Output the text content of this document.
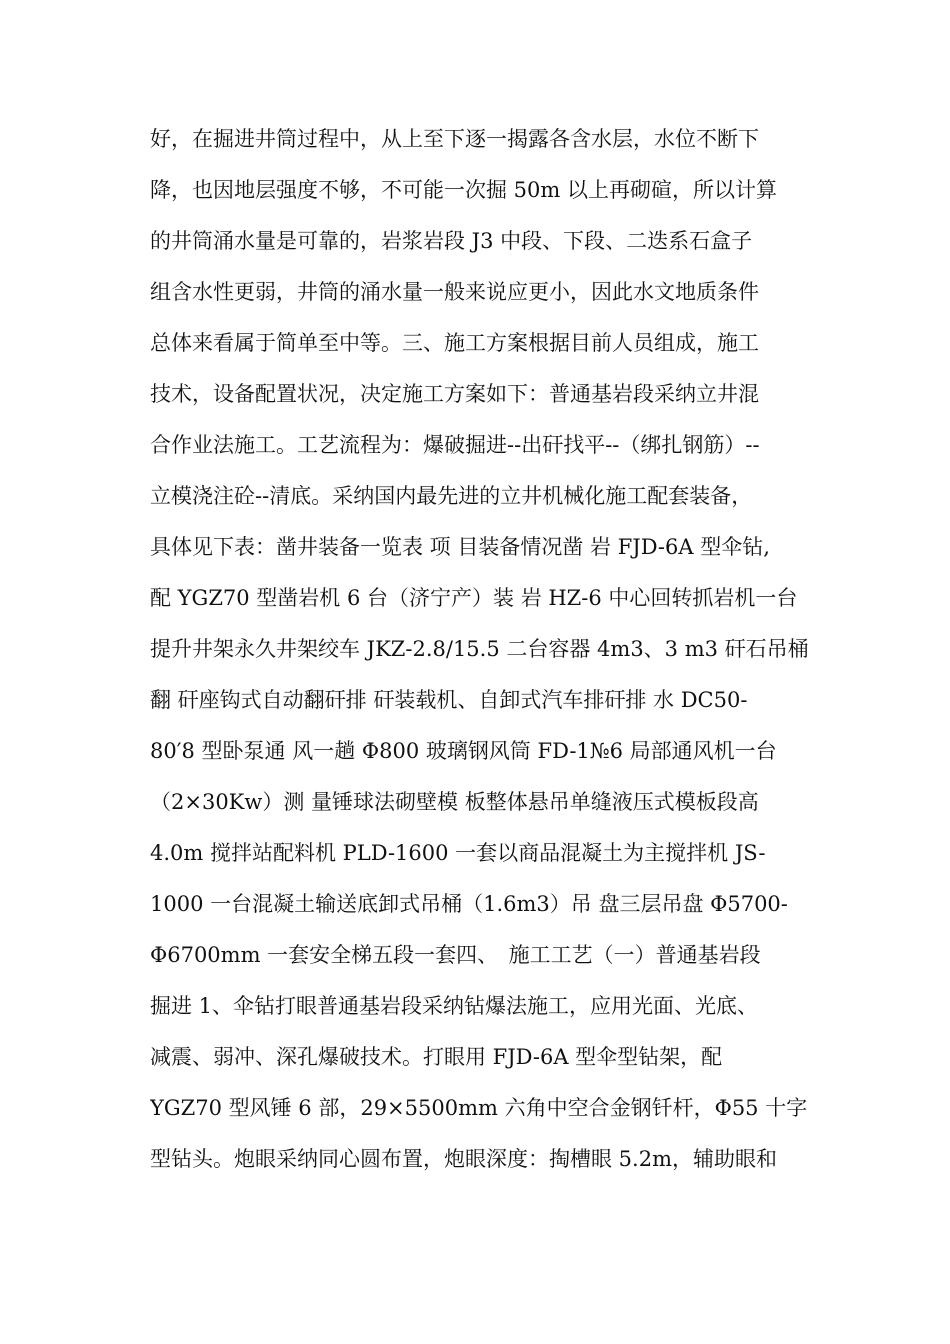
好，在掘进井筒过程中，从上至下逐一揭露各含水层，水位不断下
降，也因地层强度不够，不可能一次掘 50m 以上再砌碹，所以计算
的井筒涌水量是可靠的，岩浆岩段 J3 中段、下段、二迭系石盒子
组含水性更弱，井筒的涌水量一般来说应更小，因此水文地质条件
总体来看属于简单至中等。三、施工方案根据目前人员组成，施工
技术，设备配置状况，决定施工方案如下：普通基岩段采纳立井混
合作业法施工。工艺流程为：爆破掘进--出矸找平--（绑扎钢筋）--
立模浇注砼--清底。采纳国内最先进的立井机械化施工配套装备，
具体见下表：凿井装备一览表 项 目装备情况凿 岩 FJD-6A 型伞钻,
配 YGZ70 型凿岩机 6 台（济宁产）装 岩 HZ-6 中心回转抓岩机一台
提升井架永久井架绞车 JKZ-2.8/15.5 二台容器 4m3、3 m3 矸石吊桶
翻 矸座钩式自动翻矸排 矸装载机、自卸式汽车排矸排 水 DC50-
80′8 型卧泵通 风一趟 Φ800 玻璃钢风筒 FD-1№6 局部通风机一台
（2×30Kw）测 量锤球法砌壁模 板整体悬吊单缝液压式模板段高
4.0m 搅拌站配料机 PLD-1600 一套以商品混凝土为主搅拌机 JS-
1000 一台混凝土输送底卸式吊桶（1.6m3）吊 盘三层吊盘 Φ5700-
Φ6700mm 一套安全梯五段一套四、　施工工艺（一）普通基岩段
掘进 1、伞钻打眼普通基岩段采纳钻爆法施工，应用光面、光底、
减震、弱冲、深孔爆破技术。打眼用 FJD-6A 型伞型钻架，配
YGZ70 型风锤 6 部，29×5500mm 六角中空合金钢钎杆，Φ55 十字
型钻头。炮眼采纳同心圆布置，炮眼深度：掏槽眼 5.2m，辅助眼和
